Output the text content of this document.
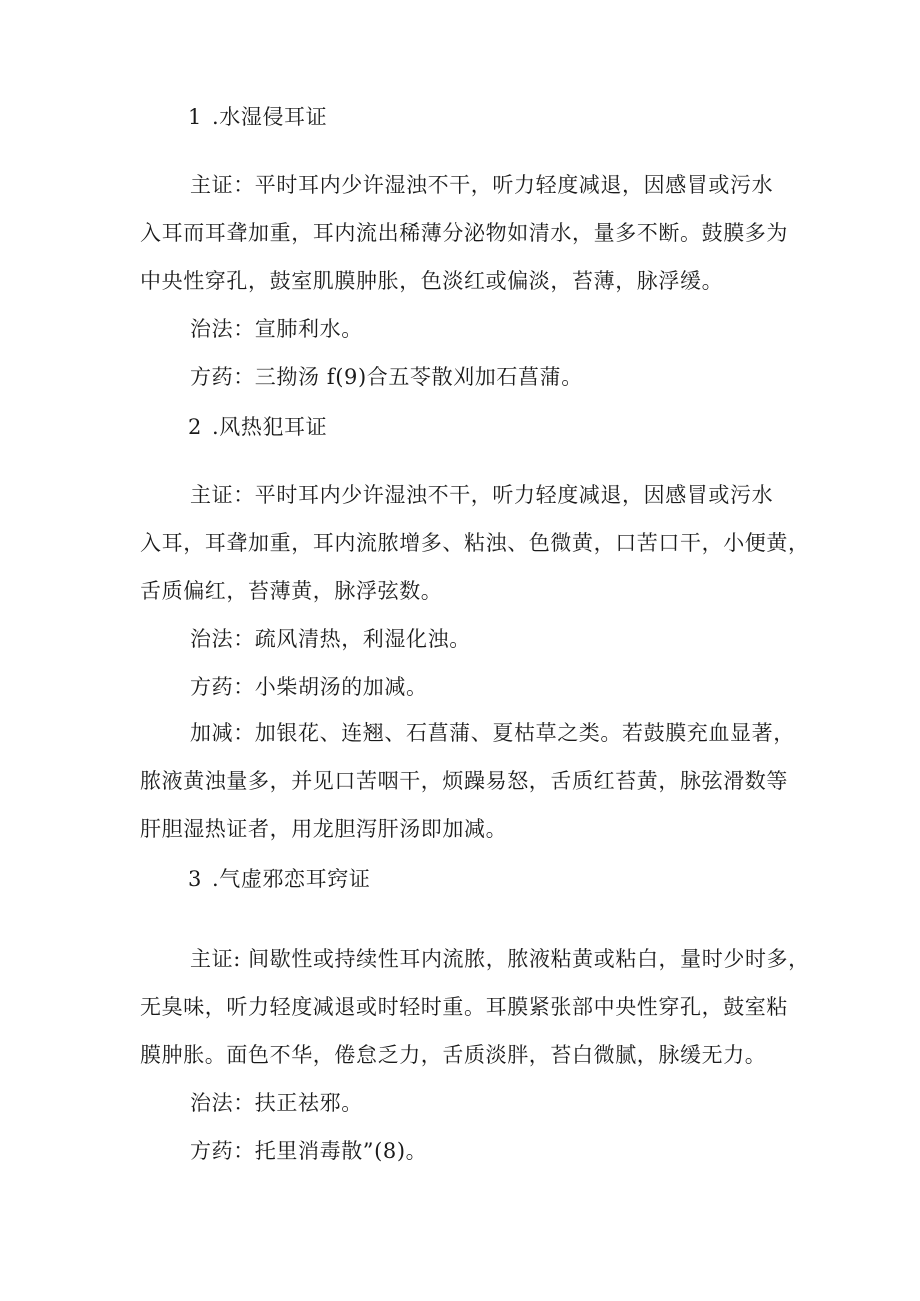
1 .水湿侵耳证
主证：平时耳内少许湿浊不干，听力轻度减退，因感冒或污水
入耳而耳聋加重，耳内流出稀薄分泌物如清水，量多不断。鼓膜多为
中央性穿孔，鼓室肌膜肿胀，色淡红或偏淡，苔薄，脉浮缓。
治法：宣肺利水。
方药：三拗汤 f(9)合五苓散刈加石菖蒲。
2 .风热犯耳证
主证：平时耳内少许湿浊不干，听力轻度减退，因感冒或污水
入耳，耳聋加重，耳内流脓增多、粘浊、色微黄，口苦口干，小便黄，
舌质偏红，苔薄黄，脉浮弦数。
治法：疏风清热，利湿化浊。
方药：小柴胡汤的加减。
加减：加银花、连翘、石菖蒲、夏枯草之类。若鼓膜充血显著，
脓液黄浊量多，并见口苦咽干，烦躁易怒，舌质红苔黄，脉弦滑数等
肝胆湿热证者，用龙胆泻肝汤即加减。
3 .气虚邪恋耳窍证
主证: 间歇性或持续性耳内流脓，脓液粘黄或粘白，量时少时多，
无臭味，听力轻度减退或时轻时重。耳膜紧张部中央性穿孔，鼓室粘
膜肿胀。面色不华，倦怠乏力，舌质淡胖，苔白微腻，脉缓无力。
治法：扶正祛邪。
方药：托里消毒散”(8)。
